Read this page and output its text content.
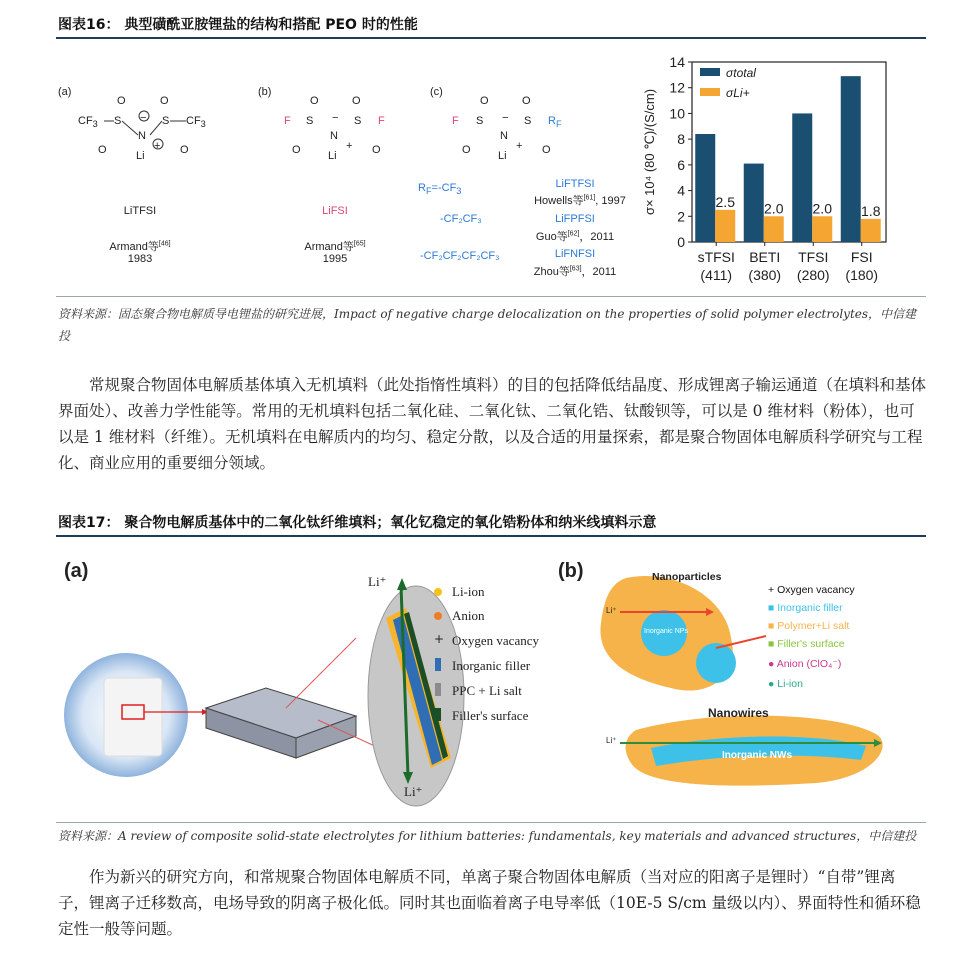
图表16： 典型磺酰亚胺锂盐的结构和搭配 PEO 时的性能
(a)
$CF_3$ S
O
O
N
−
Li
+
S
O
O
$CF_3$
LiTFSI
Armand等[46]
1983
(b)
F S
O
O
N
−
Li
+
S
O
O
F
LiFSI
Armand等[65]
1995
(c)
F S
O
O
N
−
Li
+
S
O
O
$R_F$
$R_F=-CF_3$
-CF₂CF₃
-CF₂CF₂CF₂CF₃
LiFTFSI
Howells等[61], 1997
LiFPFSI
Guo等[62]，2011
LiFNFSI
Zhou等[63]，2011
0
2
4
6
8
10
12
14
σ× 10⁴ (80 ℃)/(S/cm)	2.5
sTFSI
(411)
2.0
BETI
(380)
2.0
TFSI
(280)
1.8
FSI
(180)
σtotal
σLi+
资料来源：固态聚合物电解质导电锂盐的研究进展，Impact of negative charge delocalization on the properties of solid polymer electrolytes，中信建投

常规聚合物固体电解质基体填入无机填料（此处指惰性填料）的目的包括降低结晶度、形成锂离子输运通道（在填料和基体界面处）、改善力学性能等。常用的无机填料包括二氧化硅、二氧化钛、二氧化锆、钛酸钡等，可以是 0 维材料（粉体），也可以是 1 维材料（纤维）。无机填料在电解质内的均匀、稳定分散，以及合适的用量探索，都是聚合物固体电解质科学研究与工程化、商业应用的重要细分领域。

图表17： 聚合物电解质基体中的二氧化钛纤维填料；氧化钇稳定的氧化锆粉体和纳米线填料示意
(a)	Li⁺
Li⁺
Li-ion
Anion
+ Oxygen vacancy
Inorganic filler
PPC + Li salt
Filler's surface
(b)	Nanoparticles
Inorganic NPs
Nanowires
Inorganic NWs
Li⁺
Li⁺
+ Oxygen vacancy
■ Inorganic filler
■ Polymer+Li salt
■ Filler's surface
● Anion (ClO₄⁻)
● Li-ion
资料来源：A review of composite solid-state electrolytes for lithium batteries: fundamentals, key materials and advanced structures，中信建投

作为新兴的研究方向，和常规聚合物固体电解质不同，单离子聚合物固体电解质（当对应的阳离子是锂时）“自带”锂离子，锂离子迁移数高，电场导致的阴离子极化低。同时其也面临着离子电导率低（10E-5 S/cm 量级以内）、界面特性和循环稳定性一般等问题。
